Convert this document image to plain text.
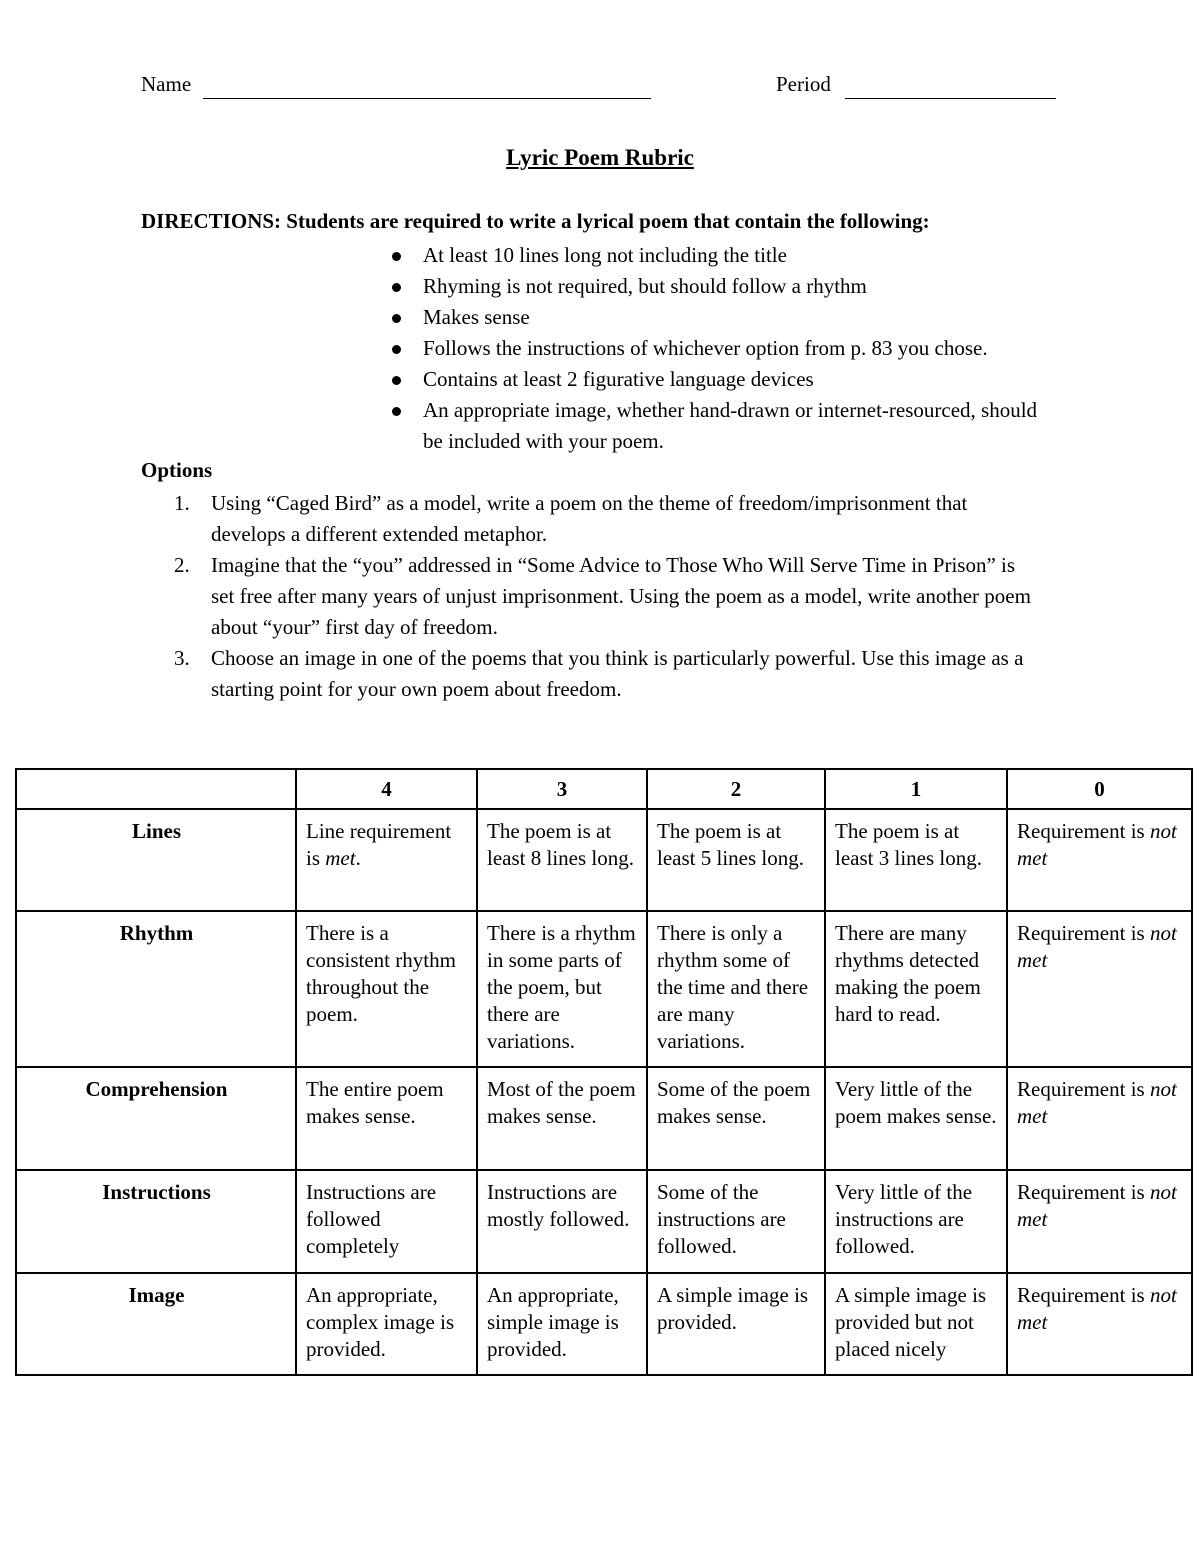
Name	Period
Lyric Poem Rubric
DIRECTIONS: Students are required to write a lyrical poem that contain the following:
At least 10 lines long not including the title
Rhyming is not required, but should follow a rhythm
Makes sense
Follows the instructions of whichever option from p. 83 you chose.
Contains at least 2 figurative language devices
An appropriate image, whether hand-drawn or internet-resourced, should be included with your poem.
Options
1. Using “Caged Bird” as a model, write a poem on the theme of freedom/imprisonment that develops a different extended metaphor.
2. Imagine that the “you” addressed in “Some Advice to Those Who Will Serve Time in Prison” is set free after many years of unjust imprisonment. Using the poem as a model, write another poem about “your” first day of freedom.
3. Choose an image in one of the poems that you think is particularly powerful. Use this image as a starting point for your own poem about freedom.
	4	3	2	1	0
Lines	Line requirement is met.	The poem is at least 8 lines long.	The poem is at least 5 lines long.	The poem is at least 3 lines long.	Requirement is not met
Rhythm	There is a consistent rhythm throughout the poem.	There is a rhythm in some parts of the poem, but there are variations.	There is only a rhythm some of the time and there are many variations.	There are many rhythms detected making the poem hard to read.	Requirement is not met
Comprehension	The entire poem makes sense.	Most of the poem makes sense.	Some of the poem makes sense.	Very little of the poem makes sense.	Requirement is not met
Instructions	Instructions are followed completely	Instructions are mostly followed.	Some of the instructions are followed.	Very little of the instructions are followed.	Requirement is not met
Image	An appropriate, complex image is provided.	An appropriate, simple image is provided.	A simple image is provided.	A simple image is provided but not placed nicely	Requirement is not met
